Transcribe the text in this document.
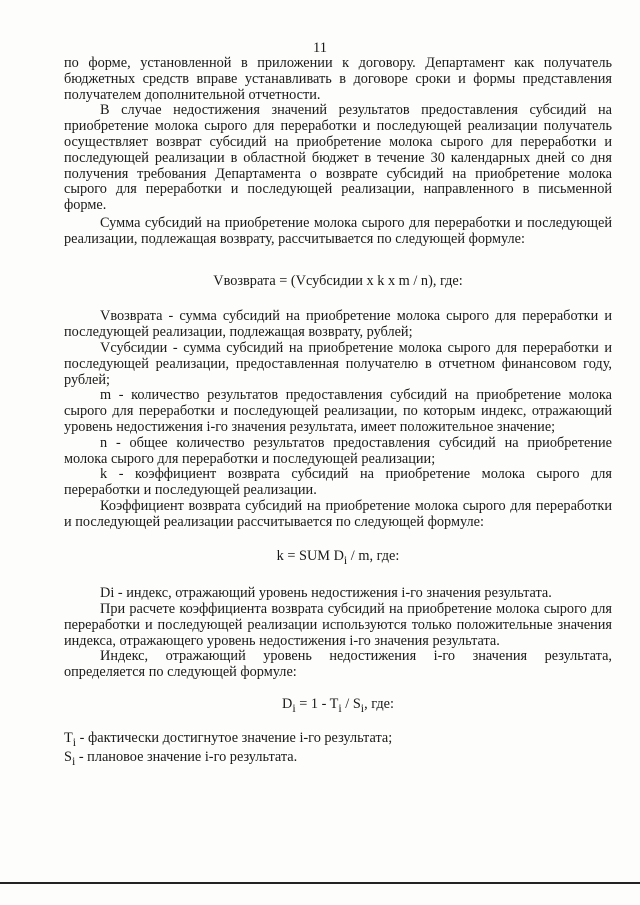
11

по форме, установленной в приложении к договору. Департамент как получатель бюджетных средств вправе устанавливать в договоре сроки и формы представления получателем дополнительной отчетности.

В случае недостижения значений результатов предоставления субсидий на приобретение молока сырого для переработки и последующей реализации получатель осуществляет возврат субсидий на приобретение молока сырого для переработки и последующей реализации в областной бюджет в течение 30 календарных дней со дня получения требования Департамента о возврате субсидий на приобретение молока сырого для переработки и последующей реализации, направленного в письменной форме.

Сумма субсидий на приобретение молока сырого для переработки и последующей реализации, подлежащая возврату, рассчитывается по следующей формуле:

Vвозврата = (Vсубсидии x k x m / n), где:

Vвозврата - сумма субсидий на приобретение молока сырого для переработки и последующей реализации, подлежащая возврату, рублей;

Vсубсидии - сумма субсидий на приобретение молока сырого для переработки и последующей реализации, предоставленная получателю в отчетном финансовом году, рублей;

m - количество результатов предоставления субсидий на приобретение молока сырого для переработки и последующей реализации, по которым индекс, отражающий уровень недостижения i-го значения результата, имеет положительное значение;

n - общее количество результатов предоставления субсидий на приобретение молока сырого для переработки и последующей реализации;

k - коэффициент возврата субсидий на приобретение молока сырого для переработки и последующей реализации.

Коэффициент возврата субсидий на приобретение молока сырого для переработки и последующей реализации рассчитывается по следующей формуле:

k = SUM $D_i$ / m, где:

Di - индекс, отражающий уровень недостижения i-го значения результата.

При расчете коэффициента возврата субсидий на приобретение молока сырого для переработки и последующей реализации используются только положительные значения индекса, отражающего уровень недостижения i-го значения результата.

Индекс, отражающий уровень недостижения i-го значения результата, определяется по следующей формуле:

$D_i = 1 - T_i / S_i$, где:

$T_i$ - фактически достигнутое значение i-го результата;

$S_i$ - плановое значение i-го результата.
